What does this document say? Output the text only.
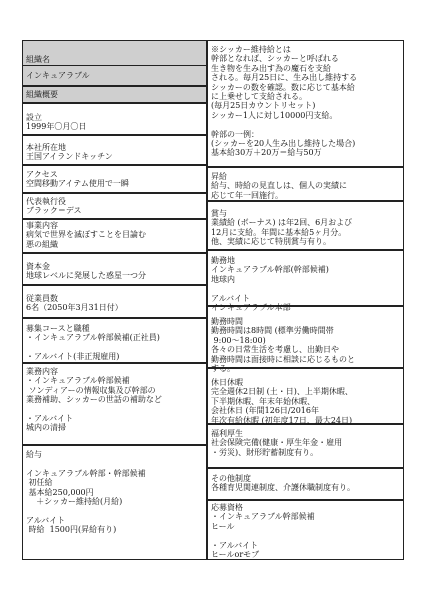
組織名

インキュアラブル

組織概要
設立
1999年〇月〇日
本社所在地
王国アイランドキッチン
アクセス
空間移動アイテム使用で一瞬
代表執行役
ブラック＝デス
事業内容
病気で世界を滅ぼすことを目論む
悪の組織
資本金
地球レベルに発展した惑星一つ分
従業員数
6名（2050年3月31日付）
募集コースと職種
・インキュアラブル幹部候補(正社員)

・アルバイト(非正規雇用)
業務内容
・インキュアラブル幹部候補
ソンディアーの情報収集及び幹部の
業務補助、シッカーの世話の補助など

・アルバイト
城内の清掃
給与

インキュアラブル幹部・幹部候補
初任給
基本給250,000円
＋シッカー維持給(月給)

アルバイト
時給  1500円(昇給有り)
※シッカー維持給とは
幹部となれば、シッカーと呼ばれる
生き物を生み出す為の魔石を支給
される。毎月25日に、生み出し維持する
シッカーの数を確認。数に応じて基本給
に上乗せして支給される。
(毎月25日カウントリセット)
シッカー1人に対し10000円支給。

幹部の一例：
(シッカーを20人生み出し維持した場合)
基本給30万＋20万＝給与50万
昇給
給与、時給の見直しは、個人の実績に
応じて年一回施行。
賞与
業績給 (ボーナス) は年2回、6月および
12月に支給。年間に基本給5ヶ月分。
他、実績に応じて特別賞与有り。
勤務地
インキュアラブル幹部(幹部候補)
地球内

アルバイト
インキュアラブル本部
勤務時間
勤務時間は8時間 (標準労働時間帯
9:00～18:00)
各々の日常生活を考慮し、出勤日や
勤務時間は面接時に相談に応じるものと
する。
休日休暇
完全週休2日制 (土・日)、上半期休暇、
下半期休暇、年末年始休暇、
会社休日 (年間126日/2016年
年次有給休暇 (初年度17日、最大24日)
福利厚生
社会保険完備(健康・厚生年金・雇用
・労災)、財形貯蓄制度有り。
その他制度
各種育児関連制度、介護休職制度有り。
応募資格
・インキュアラブル幹部候補
ヒール

・アルバイト
ヒールorモブ
